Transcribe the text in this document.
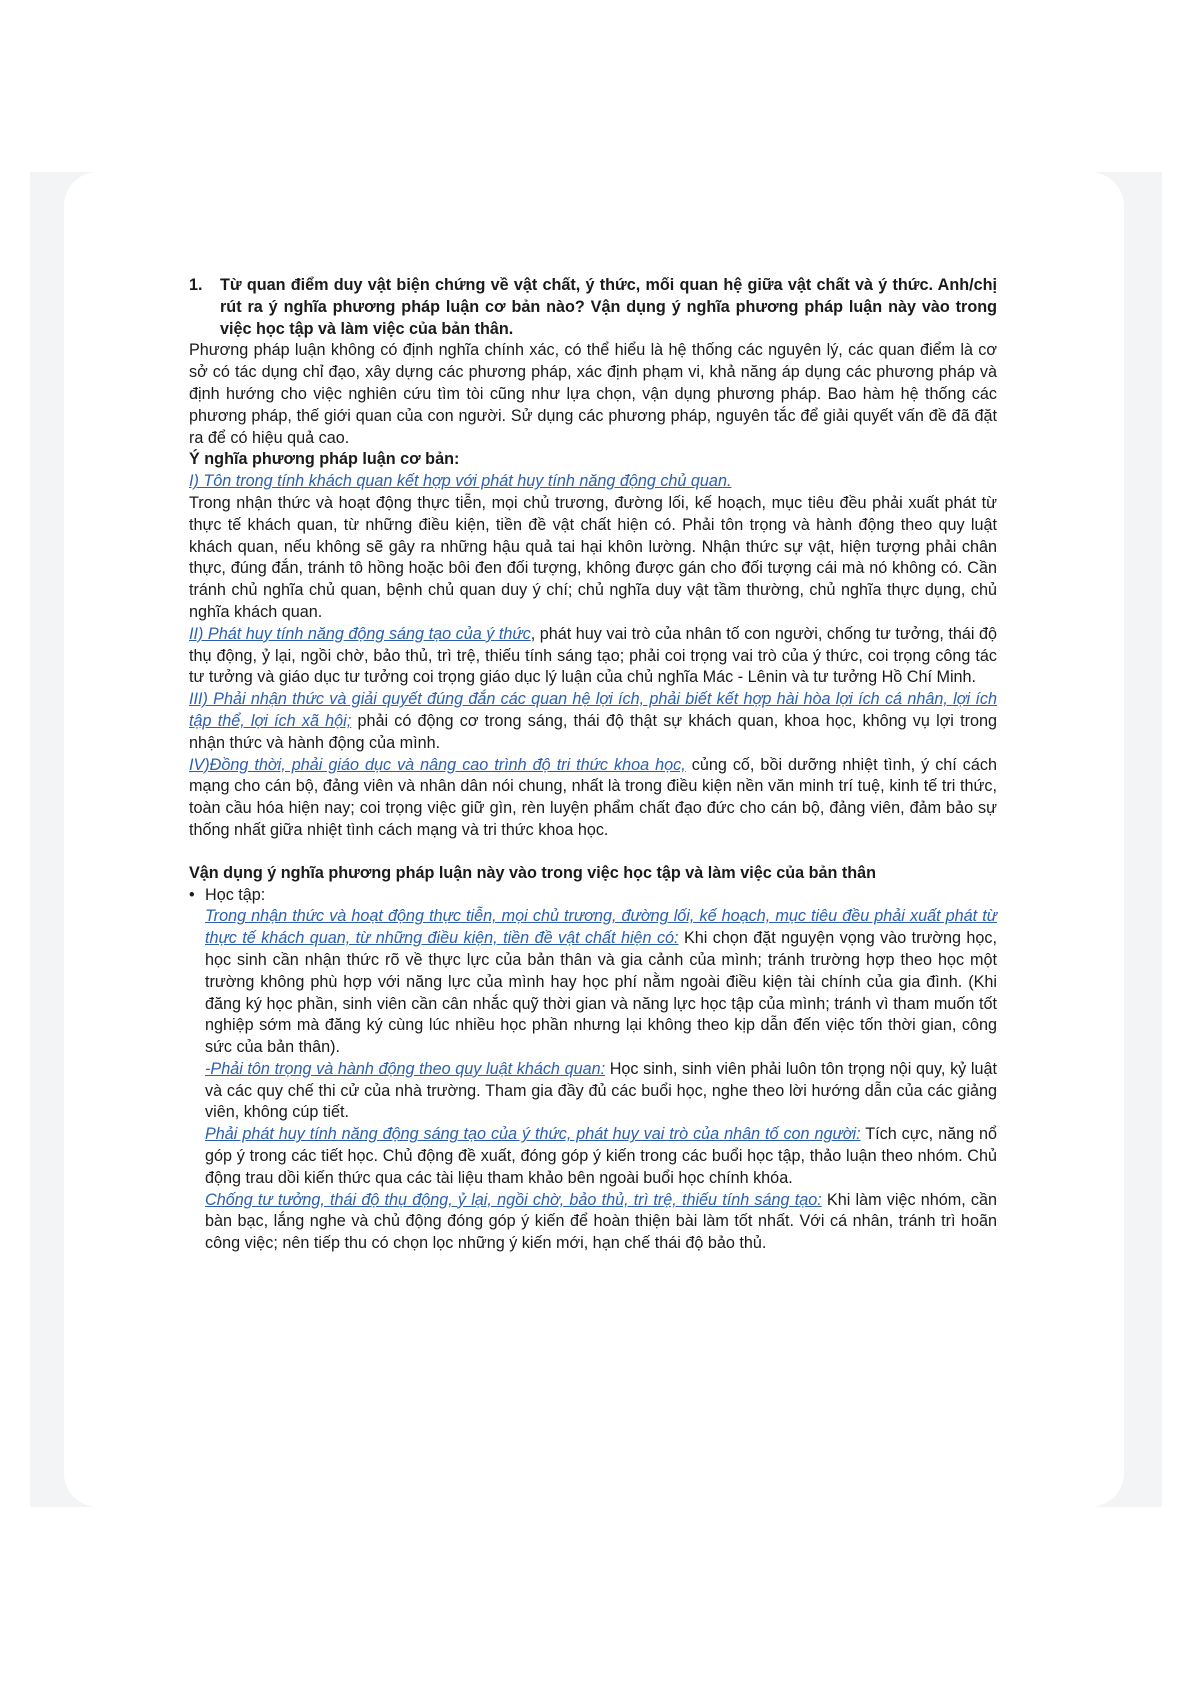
1.	Từ quan điểm duy vật biện chứng về vật chất, ý thức, mối quan hệ giữa vật chất và ý thức. Anh/chị rút ra ý nghĩa phương pháp luận cơ bản nào? Vận dụng ý nghĩa phương pháp luận này vào trong việc học tập và làm việc của bản thân.

Phương pháp luận không có định nghĩa chính xác, có thể hiểu là hệ thống các nguyên lý, các quan điểm là cơ sở có tác dụng chỉ đạo, xây dựng các phương pháp, xác định phạm vi, khả năng áp dụng các phương pháp và định hướng cho việc nghiên cứu tìm tòi cũng như lựa chọn, vận dụng phương pháp. Bao hàm hệ thống các phương pháp, thế giới quan của con người. Sử dụng các phương pháp, nguyên tắc để giải quyết vấn đề đã đặt ra để có hiệu quả cao.

Ý nghĩa phương pháp luận cơ bản:

I) Tôn trong tính khách quan kết hợp với phát huy tính năng động chủ quan.

Trong nhận thức và hoạt động thực tiễn, mọi chủ trương, đường lối, kế hoạch, mục tiêu đều phải xuất phát từ thực tế khách quan, từ những điều kiện, tiền đề vật chất hiện có. Phải tôn trọng và hành động theo quy luật khách quan, nếu không sẽ gây ra những hậu quả tai hại khôn lường. Nhận thức sự vật, hiện tượng phải chân thực, đúng đắn, tránh tô hồng hoặc bôi đen đối tượng, không được gán cho đối tượng cái mà nó không có. Cần tránh chủ nghĩa chủ quan, bệnh chủ quan duy ý chí; chủ nghĩa duy vật tầm thường, chủ nghĩa thực dụng, chủ nghĩa khách quan.

II) Phát huy tính năng động sáng tạo của ý thức, phát huy vai trò của nhân tố con người, chống tư tưởng, thái độ thụ động, ỷ lại, ngồi chờ, bảo thủ, trì trệ, thiếu tính sáng tạo; phải coi trọng vai trò của ý thức, coi trọng công tác tư tưởng và giáo dục tư tưởng coi trọng giáo dục lý luận của chủ nghĩa Mác - Lênin và tư tưởng Hồ Chí Minh.

III) Phải nhận thức và giải quyết đúng đắn các quan hệ lợi ích, phải biết kết hợp hài hòa lợi ích cá nhân, lợi ích tập thể, lợi ích xã hội; phải có động cơ trong sáng, thái độ thật sự khách quan, khoa học, không vụ lợi trong nhận thức và hành động của mình.

IV)Đồng thời, phải giáo dục và nâng cao trình độ tri thức khoa học, củng cố, bồi dưỡng nhiệt tình, ý chí cách mạng cho cán bộ, đảng viên và nhân dân nói chung, nhất là trong điều kiện nền văn minh trí tuệ, kinh tế tri thức, toàn cầu hóa hiện nay; coi trọng việc giữ gìn, rèn luyện phẩm chất đạo đức cho cán bộ, đảng viên, đảm bảo sự thống nhất giữa nhiệt tình cách mạng và tri thức khoa học.

Vận dụng ý nghĩa phương pháp luận này vào trong việc học tập và làm việc của bản thân

• Học tập:

Trong nhận thức và hoạt động thực tiễn, mọi chủ trương, đường lối, kế hoạch, mục tiêu đều phải xuất phát từ thực tế khách quan, từ những điều kiện, tiền đề vật chất hiện có: Khi chọn đặt nguyện vọng vào trường học, học sinh cần nhận thức rõ về thực lực của bản thân và gia cảnh của mình; tránh trường hợp theo học một trường không phù hợp với năng lực của mình hay học phí nằm ngoài điều kiện tài chính của gia đình. (Khi đăng ký học phần, sinh viên cần cân nhắc quỹ thời gian và năng lực học tập của mình; tránh vì tham muốn tốt nghiệp sớm mà đăng ký cùng lúc nhiều học phần nhưng lại không theo kịp dẫn đến việc tốn thời gian, công sức của bản thân).

-Phải tôn trọng và hành động theo quy luật khách quan: Học sinh, sinh viên phải luôn tôn trọng nội quy, kỷ luật và các quy chế thi cử của nhà trường. Tham gia đầy đủ các buổi học, nghe theo lời hướng dẫn của các giảng viên, không cúp tiết.

Phải phát huy tính năng động sáng tạo của ý thức, phát huy vai trò của nhân tố con người: Tích cực, năng nổ góp ý trong các tiết học. Chủ động đề xuất, đóng góp ý kiến trong các buổi học tập, thảo luận theo nhóm. Chủ động trau dồi kiến thức qua các tài liệu tham khảo bên ngoài buổi học chính khóa.

Chống tư tưởng, thái độ thụ động, ỷ lại, ngồi chờ, bảo thủ, trì trệ, thiếu tính sáng tạo: Khi làm việc nhóm, cần bàn bạc, lắng nghe và chủ động đóng góp ý kiến để hoàn thiện bài làm tốt nhất. Với cá nhân, tránh trì hoãn công việc; nên tiếp thu có chọn lọc những ý kiến mới, hạn chế thái độ bảo thủ.
